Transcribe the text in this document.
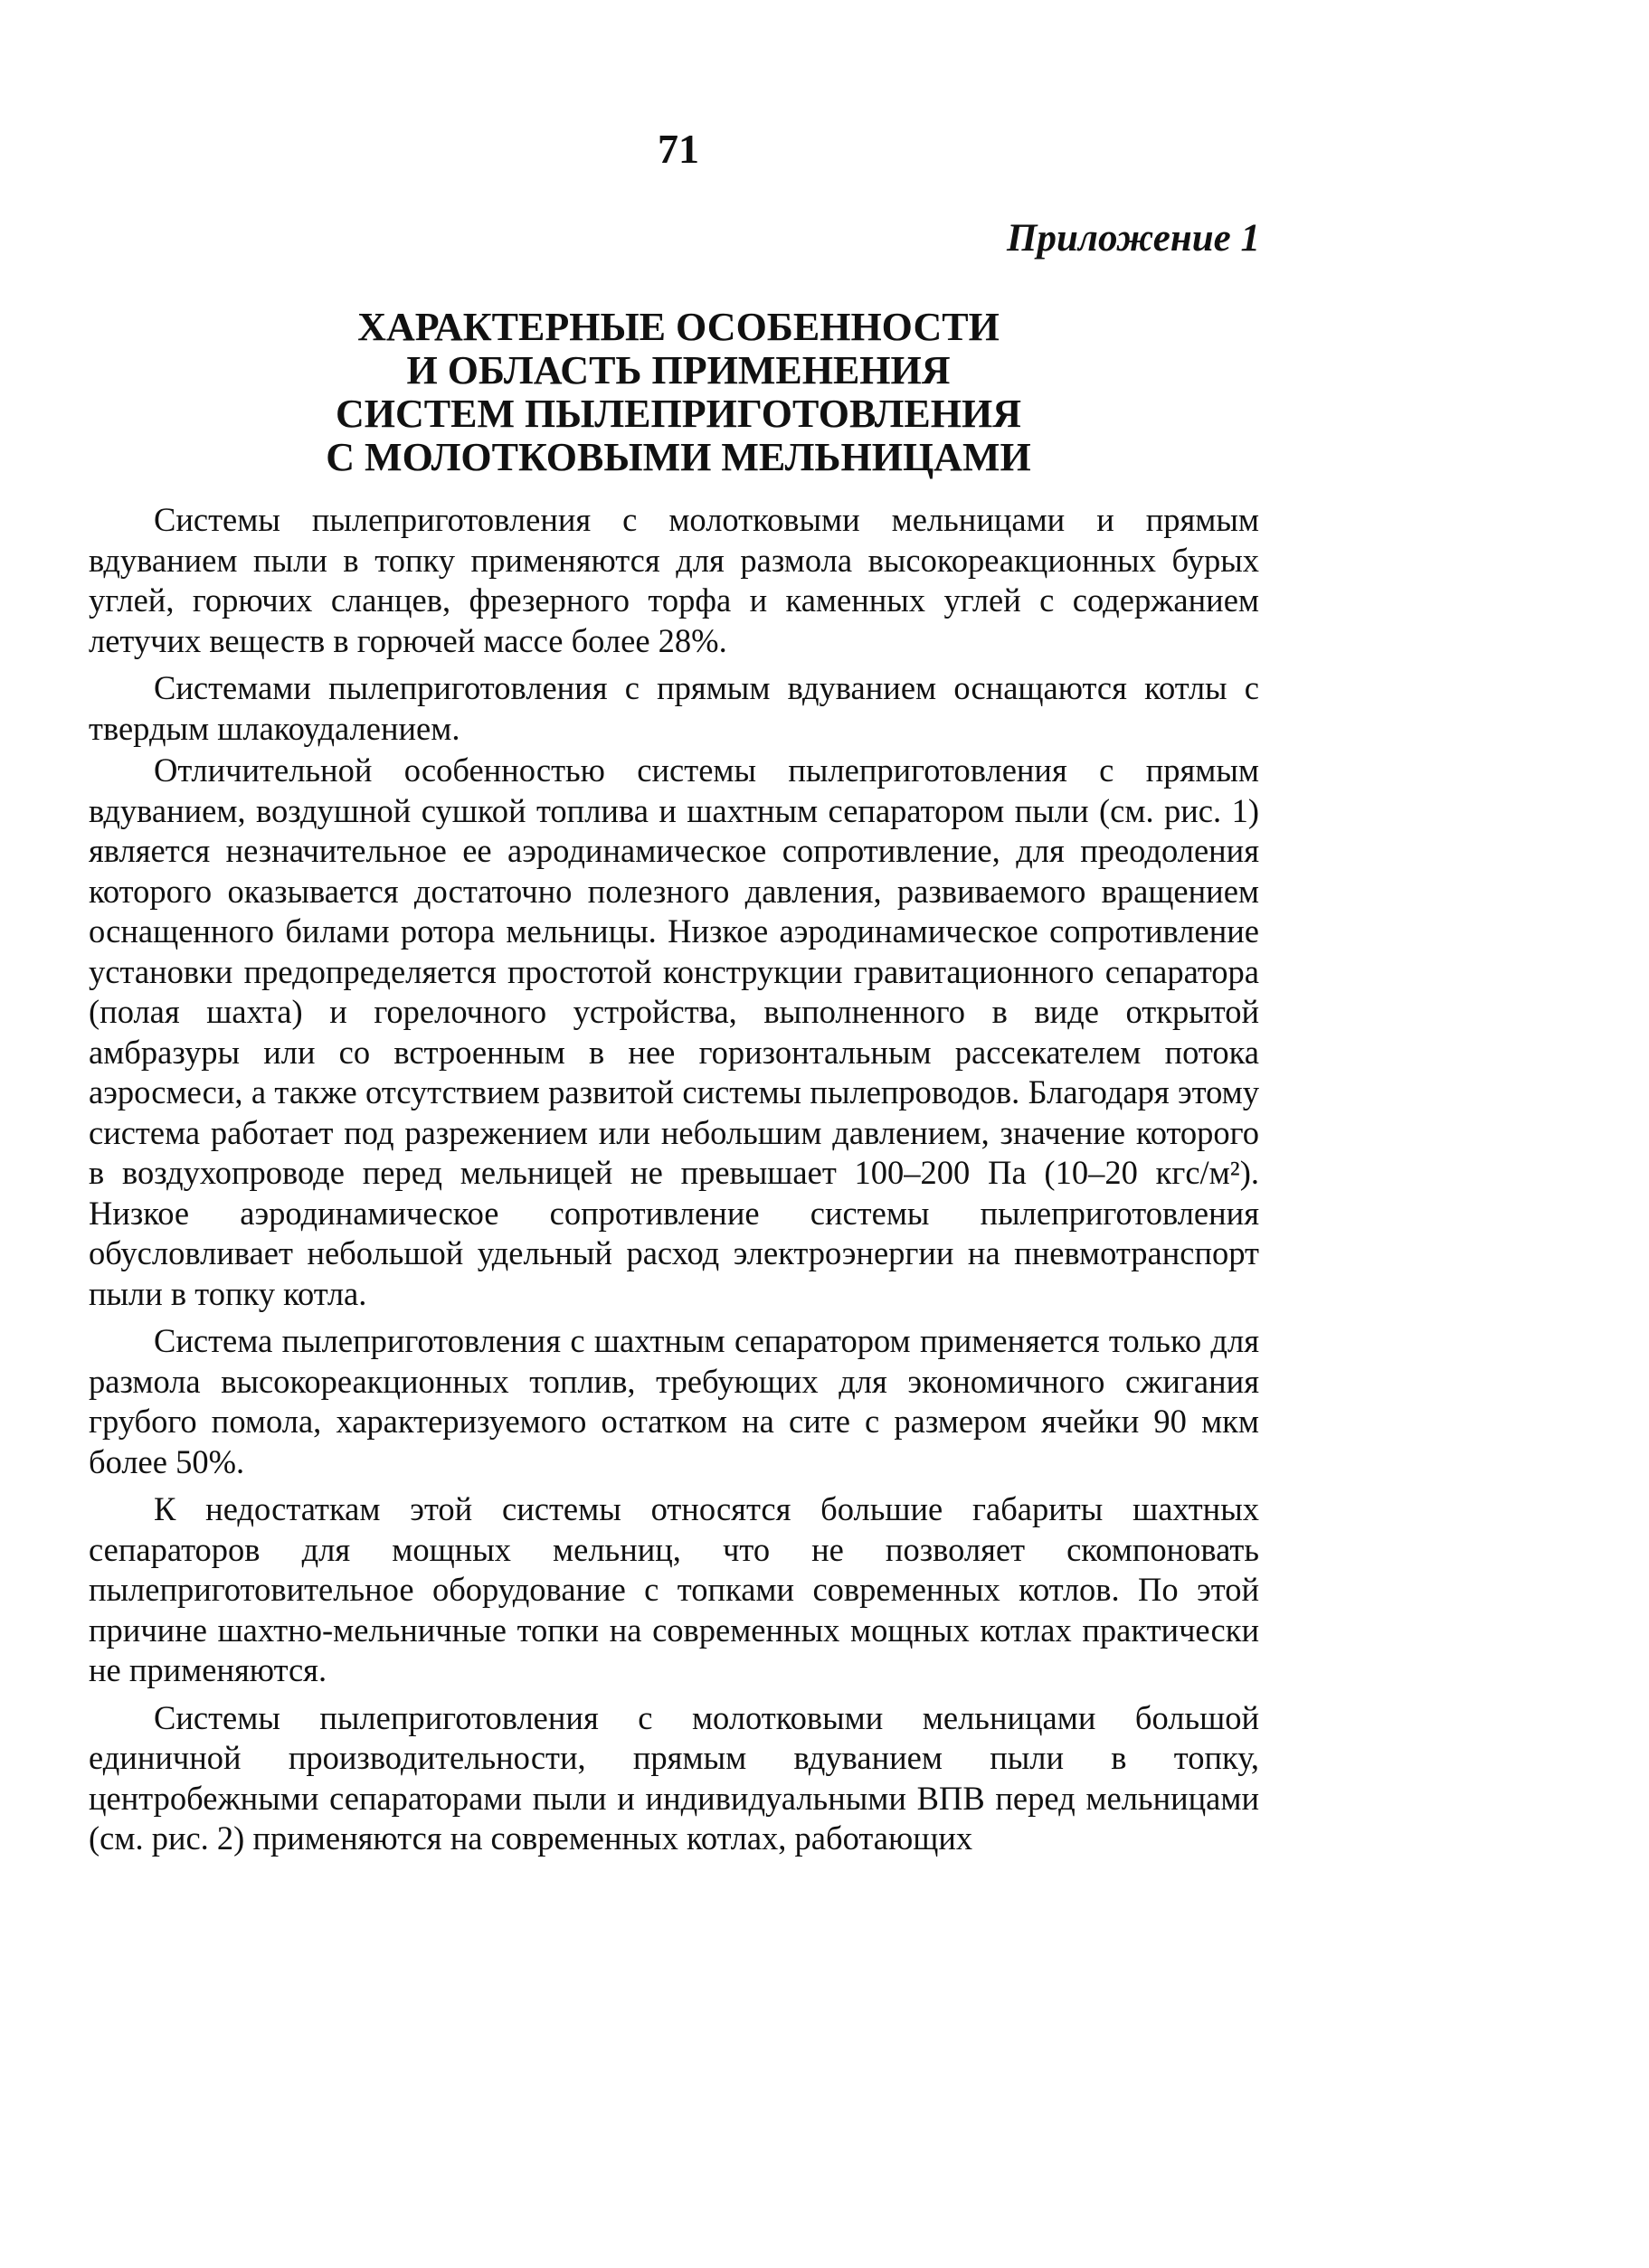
71
Приложение 1
ХАРАКТЕРНЫЕ ОСОБЕННОСТИ
И ОБЛАСТЬ ПРИМЕНЕНИЯ
СИСТЕМ ПЫЛЕПРИГОТОВЛЕНИЯ
С МОЛОТКОВЫМИ МЕЛЬНИЦАМИ

Системы пылеприготовления с молотковыми мельницами и прямым вдуванием пыли в топку применяются для размола высокореакционных бурых углей, горючих сланцев, фрезерного торфа и каменных углей с содержанием летучих веществ в горючей массе более 28%.

Системами пылеприготовления с прямым вдуванием оснащаются котлы с твердым шлакоудалением.

Отличительной особенностью системы пылеприготовления с прямым вдуванием, воздушной сушкой топлива и шахтным сепаратором пыли (см. рис. 1) является незначительное ее аэродинамическое сопротивление, для преодоления которого оказывается достаточно полезного давления, развиваемого вращением оснащенного билами ротора мельницы. Низкое аэродинамическое сопротивление установки предопределяется простотой конструкции гравитационного сепаратора (полая шахта) и горелочного устройства, выполненного в виде открытой амбразуры или со встроенным в нее горизонтальным рассекателем потока аэросмеси, а также отсутствием развитой системы пылепроводов. Благодаря этому система работает под разрежением или небольшим давлением, значение которого в воздухопроводе перед мельницей не превышает 100–200 Па (10–20 кгс/м²). Низкое аэродинамическое сопротивление системы пылеприготовления обусловливает небольшой удельный расход электроэнергии на пневмотранспорт пыли в топку котла.

Система пылеприготовления с шахтным сепаратором применяется только для размола высокореакционных топлив, требующих для экономичного сжигания грубого помола, характеризуемого остатком на сите с размером ячейки 90 мкм более 50%.

К недостаткам этой системы относятся большие габариты шахтных сепараторов для мощных мельниц, что не позволяет скомпоновать пылеприготовительное оборудование с топками современных котлов. По этой причине шахтно-мельничные топки на современных мощных котлах практически не применяются.

Системы пылеприготовления с молотковыми мельницами большой единичной производительности, прямым вдуванием пыли в топку, центробежными сепараторами пыли и индивидуальными ВПВ перед мельницами (см. рис. 2) применяются на современных котлах, работающих
